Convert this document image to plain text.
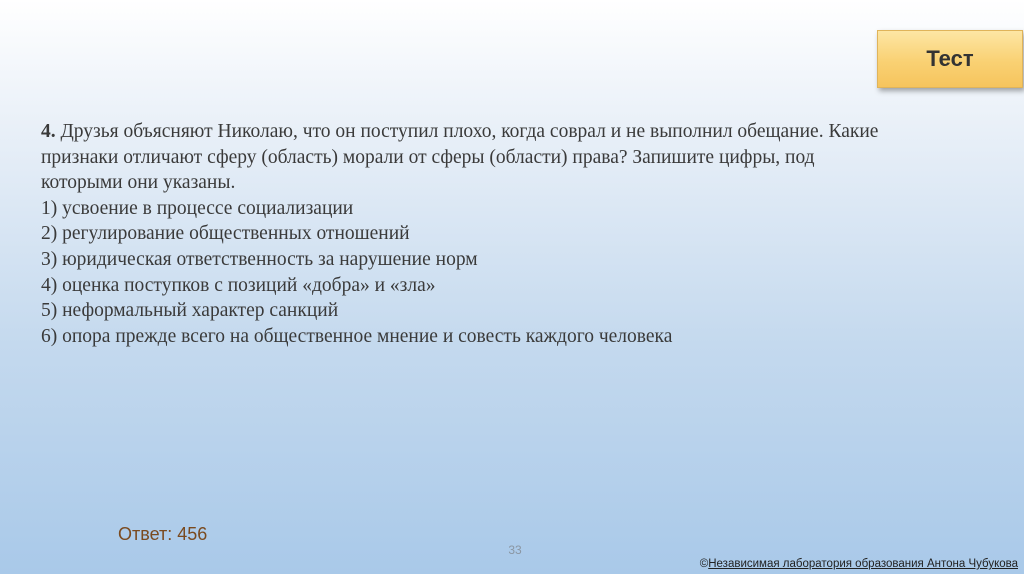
Тест
4. Друзья объясняют Николаю, что он поступил плохо, когда соврал и не выполнил обещание. Какие
признаки отличают сферу (область) морали от сферы (области) права? Запишите цифры, под
которыми они указаны.
1) усвоение в процессе социализации
2) регулирование общественных отношений
3) юридическая ответственность за нарушение норм
4) оценка поступков с позиций «добра» и «зла»
5) неформальный характер санкций
6) опора прежде всего на общественное мнение и совесть каждого человека
Ответ: 456
33
©Независимая лаборатория образования Антона Чубукова
